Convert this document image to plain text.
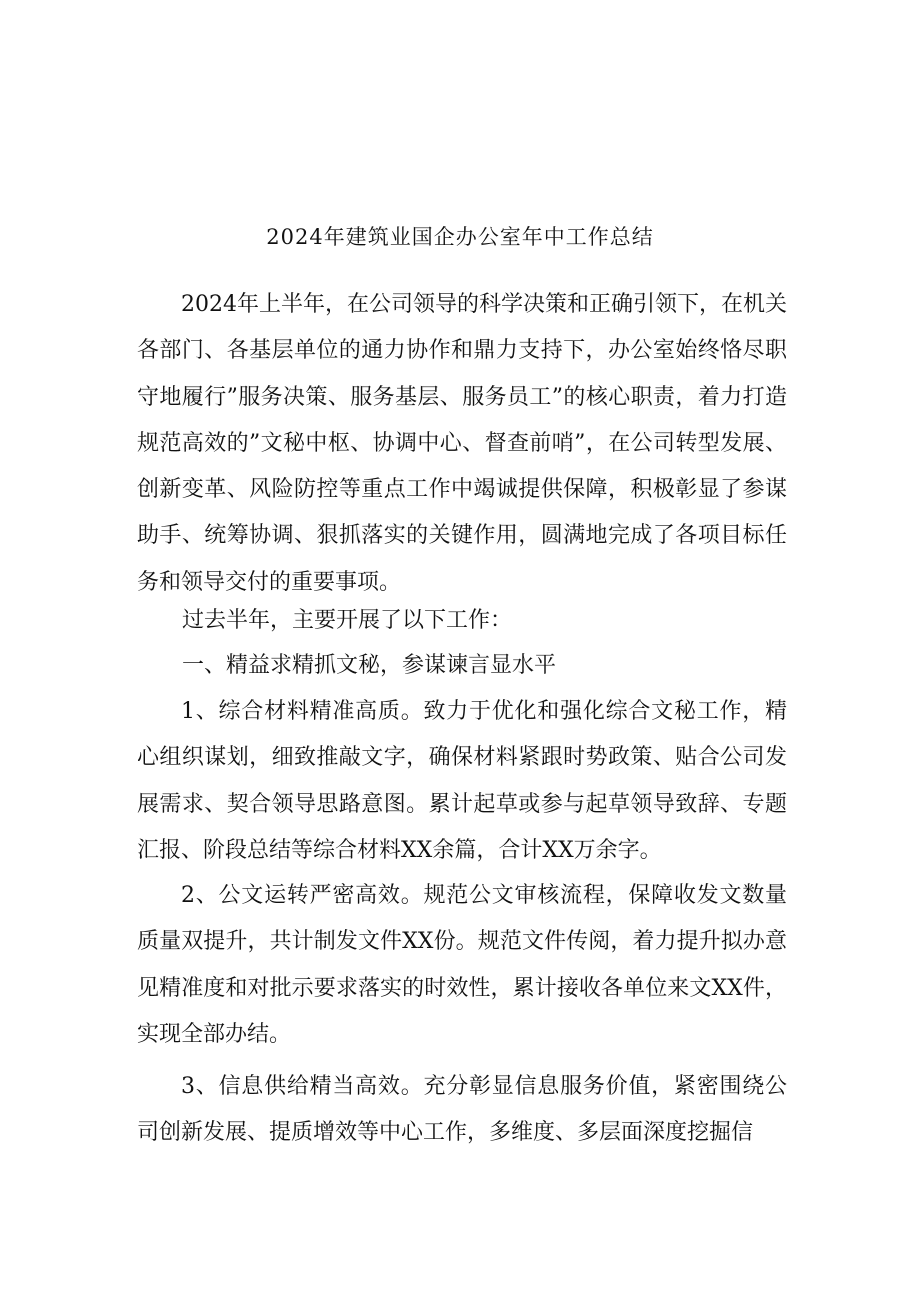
2024年建筑业国企办公室年中工作总结

2024年上半年，在公司领导的科学决策和正确引领下，在机关各部门、各基层单位的通力协作和鼎力支持下，办公室始终恪尽职守地履行”服务决策、服务基层、服务员工”的核心职责，着力打造规范高效的”文秘中枢、协调中心、督查前哨”，在公司转型发展、创新变革、风险防控等重点工作中竭诚提供保障，积极彰显了参谋助手、统筹协调、狠抓落实的关键作用，圆满地完成了各项目标任务和领导交付的重要事项。

过去半年，主要开展了以下工作：
一、精益求精抓文秘，参谋谏言显水平

1、综合材料精准高质。致力于优化和强化综合文秘工作，精心组织谋划，细致推敲文字，确保材料紧跟时势政策、贴合公司发展需求、契合领导思路意图。累计起草或参与起草领导致辞、专题汇报、阶段总结等综合材料XX余篇，合计XX万余字。

2、公文运转严密高效。规范公文审核流程，保障收发文数量质量双提升，共计制发文件XX份。规范文件传阅，着力提升拟办意见精准度和对批示要求落实的时效性，累计接收各单位来文XX件，实现全部办结。

3、信息供给精当高效。充分彰显信息服务价值，紧密围绕公司创新发展、提质增效等中心工作，多维度、多层面深度挖掘信
